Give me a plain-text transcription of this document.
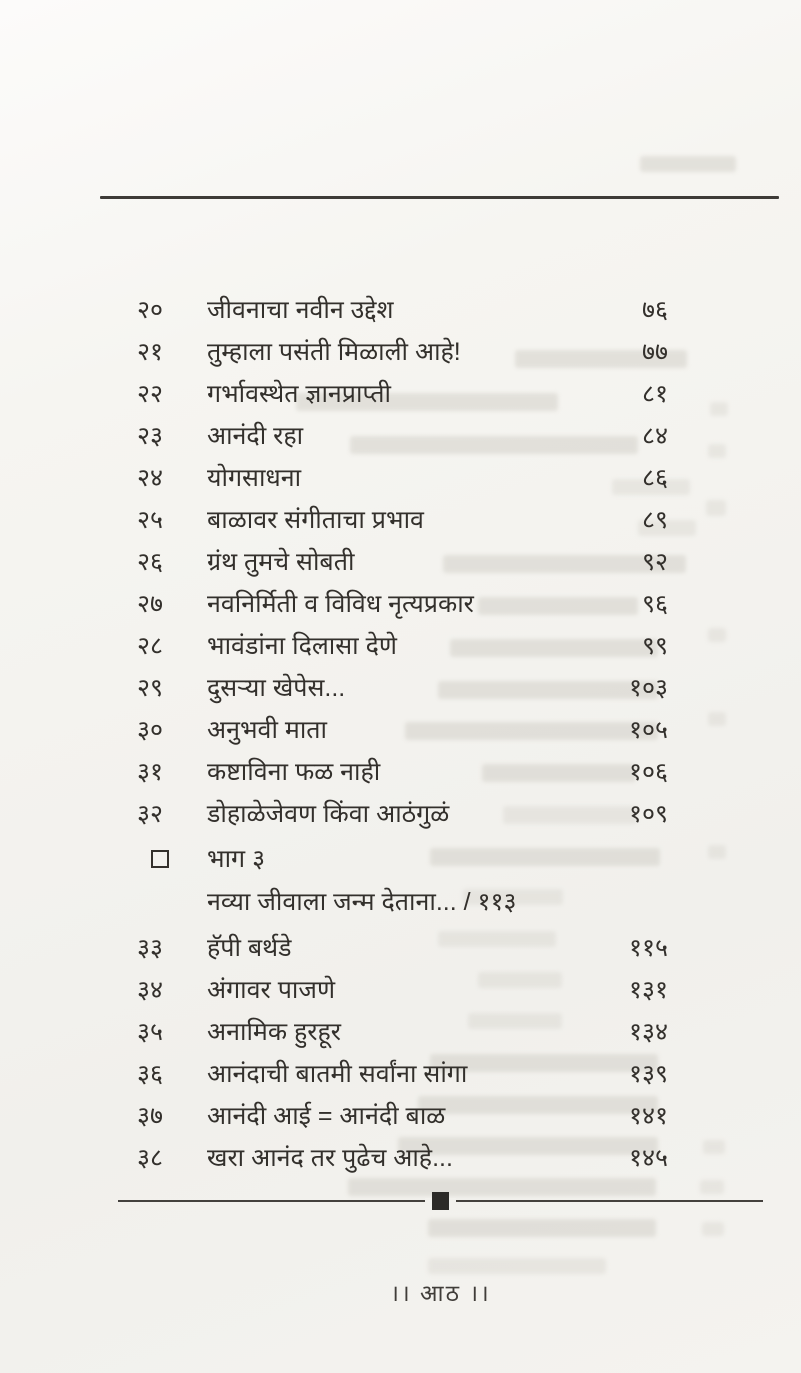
२०	जीवनाचा नवीन उद्देश	७६
२१	तुम्हाला पसंती मिळाली आहे!	७७
२२	गर्भावस्थेत ज्ञानप्राप्ती	८१
२३	आनंदी रहा	८४
२४	योगसाधना	८६
२५	बाळावर संगीताचा प्रभाव	८९
२६	ग्रंथ तुमचे सोबती	९२
२७	नवनिर्मिती व विविध नृत्यप्रकार	९६
२८	भावंडांना दिलासा देणे	९९
२९	दुसऱ्या खेपेस...	१०३
३०	अनुभवी माता	१०५
३१	कष्टाविना फळ नाही	१०६
३२	डोहाळेजेवण किंवा आठंगुळं	१०९
भाग ३
नव्या जीवाला जन्म देताना... / ११३
३३	हॅपी बर्थडे	११५
३४	अंगावर पाजणे	१३१
३५	अनामिक हुरहूर	१३४
३६	आनंदाची बातमी सर्वांना सांगा	१३९
३७	आनंदी आई = आनंदी बाळ	१४१
३८	खरा आनंद तर पुढेच आहे...	१४५
।। आठ ।।
